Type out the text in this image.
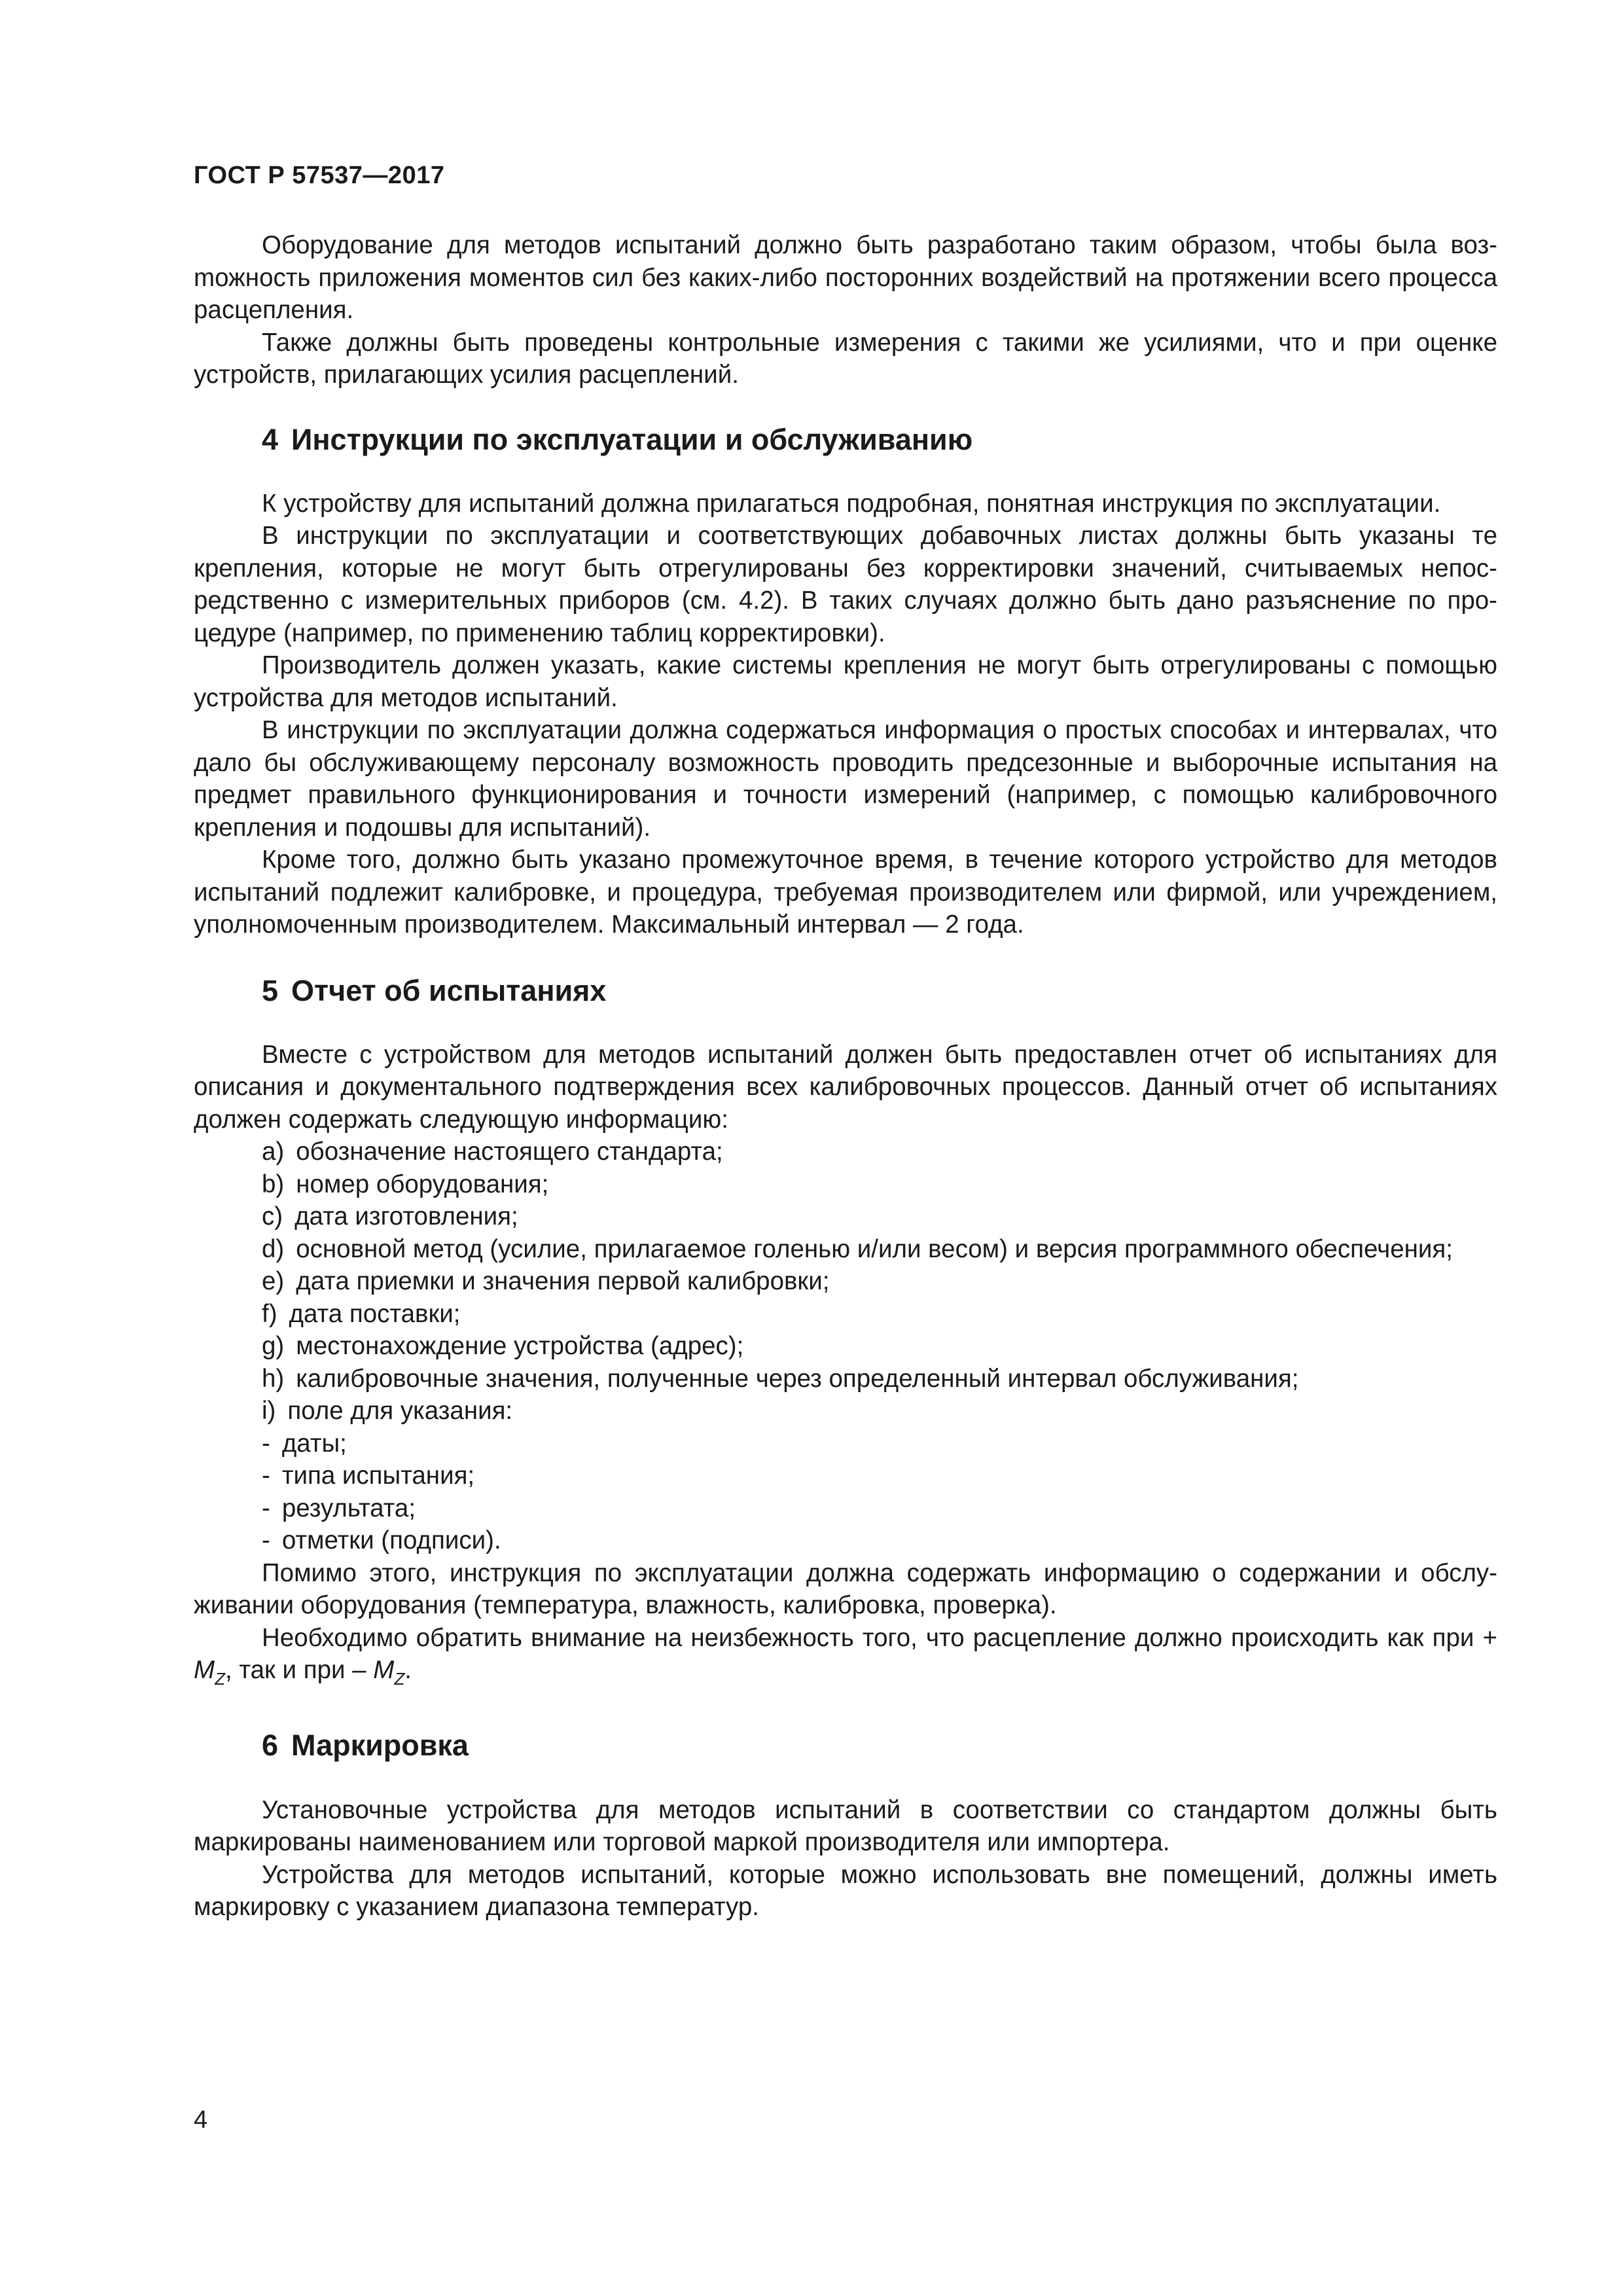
ГОСТ Р 57537—2017

Оборудование для методов испытаний должно быть разработано таким образом, чтобы была возmожность приложения моментов сил без каких-либо посторонних воздействий на протяжении всего процесса расцепления.

Также должны быть проведены контрольные измерения с такими же усилиями, что и при оценке устройств, прилагающих усилия расцеплений.

4 Инструкции по эксплуатации и обслуживанию

К устройству для испытаний должна прилагаться подробная, понятная инструкция по эксплуатации.

В инструкции по эксплуатации и соответствующих добавочных листах должны быть указаны те крепления, которые не могут быть отрегулированы без корректировки значений, считываемых непосредственно с измерительных приборов (см. 4.2). В таких случаях должно быть дано разъяснение по процедуре (например, по применению таблиц корректировки).

Производитель должен указать, какие системы крепления не могут быть отрегулированы с помощью устройства для методов испытаний.

В инструкции по эксплуатации должна содержаться информация о простых способах и интервалах, что дало бы обслуживающему персоналу возможность проводить предсезонные и выборочные испытания на предмет правильного функционирования и точности измерений (например, с помощью калибровочного крепления и подошвы для испытаний).

Кроме того, должно быть указано промежуточное время, в течение которого устройство для методов испытаний подлежит калибровке, и процедура, требуемая производителем или фирмой, или учреждением, уполномоченным производителем. Максимальный интервал — 2 года.

5 Отчет об испытаниях

Вместе с устройством для методов испытаний должен быть предоставлен отчет об испытаниях для описания и документального подтверждения всех калибровочных процессов. Данный отчет об испытаниях должен содержать следующую информацию:

a) обозначение настоящего стандарта;
b) номер оборудования;
c) дата изготовления;
d) основной метод (усилие, прилагаемое голенью и/или весом) и версия программного обеспечения;
e) дата приемки и значения первой калибровки;
f) дата поставки;
g) местонахождение устройства (адрес);
h) калибровочные значения, полученные через определенный интервал обслуживания;
i) поле для указания:
- даты;
- типа испытания;
- результата;
- отметки (подписи).

Помимо этого, инструкция по эксплуатации должна содержать информацию о содержании и обслуживании оборудования (температура, влажность, калибровка, проверка).

Необходимо обратить внимание на неизбежность того, что расцепление должно происходить как при + $M_Z$, так и при – $M_Z$.

6 Маркировка

Установочные устройства для методов испытаний в соответствии со стандартом должны быть маркированы наименованием или торговой маркой производителя или импортера.

Устройства для методов испытаний, которые можно использовать вне помещений, должны иметь маркировку с указанием диапазона температур.

4
